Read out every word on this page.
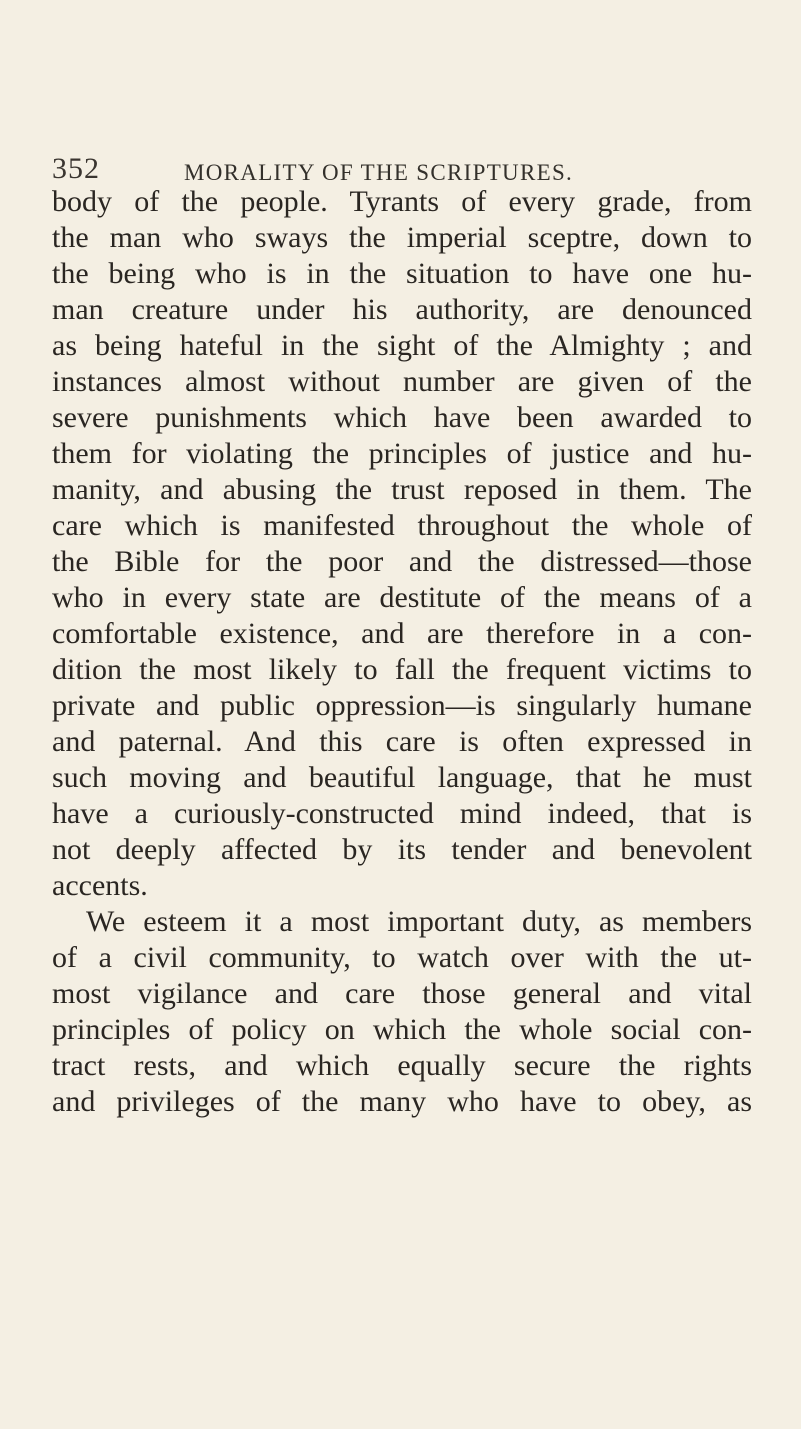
352	MORALITY OF THE SCRIPTURES.
body of the people. Tyrants of every grade, from
the man who sways the imperial sceptre, down to
the being who is in the situation to have one hu-
man creature under his authority, are denounced
as being hateful in the sight of the Almighty ; and
instances almost without number are given of the
severe punishments which have been awarded to
them for violating the principles of justice and hu-
manity, and abusing the trust reposed in them. The
care which is manifested throughout the whole of
the Bible for the poor and the distressed—those
who in every state are destitute of the means of a
comfortable existence, and are therefore in a con-
dition the most likely to fall the frequent victims to
private and public oppression—is singularly humane
and paternal. And this care is often expressed in
such moving and beautiful language, that he must
have a curiously-constructed mind indeed, that is
not deeply affected by its tender and benevolent
accents.
We esteem it a most important duty, as members
of a civil community, to watch over with the ut-
most vigilance and care those general and vital
principles of policy on which the whole social con-
tract rests, and which equally secure the rights
and privileges of the many who have to obey, as
